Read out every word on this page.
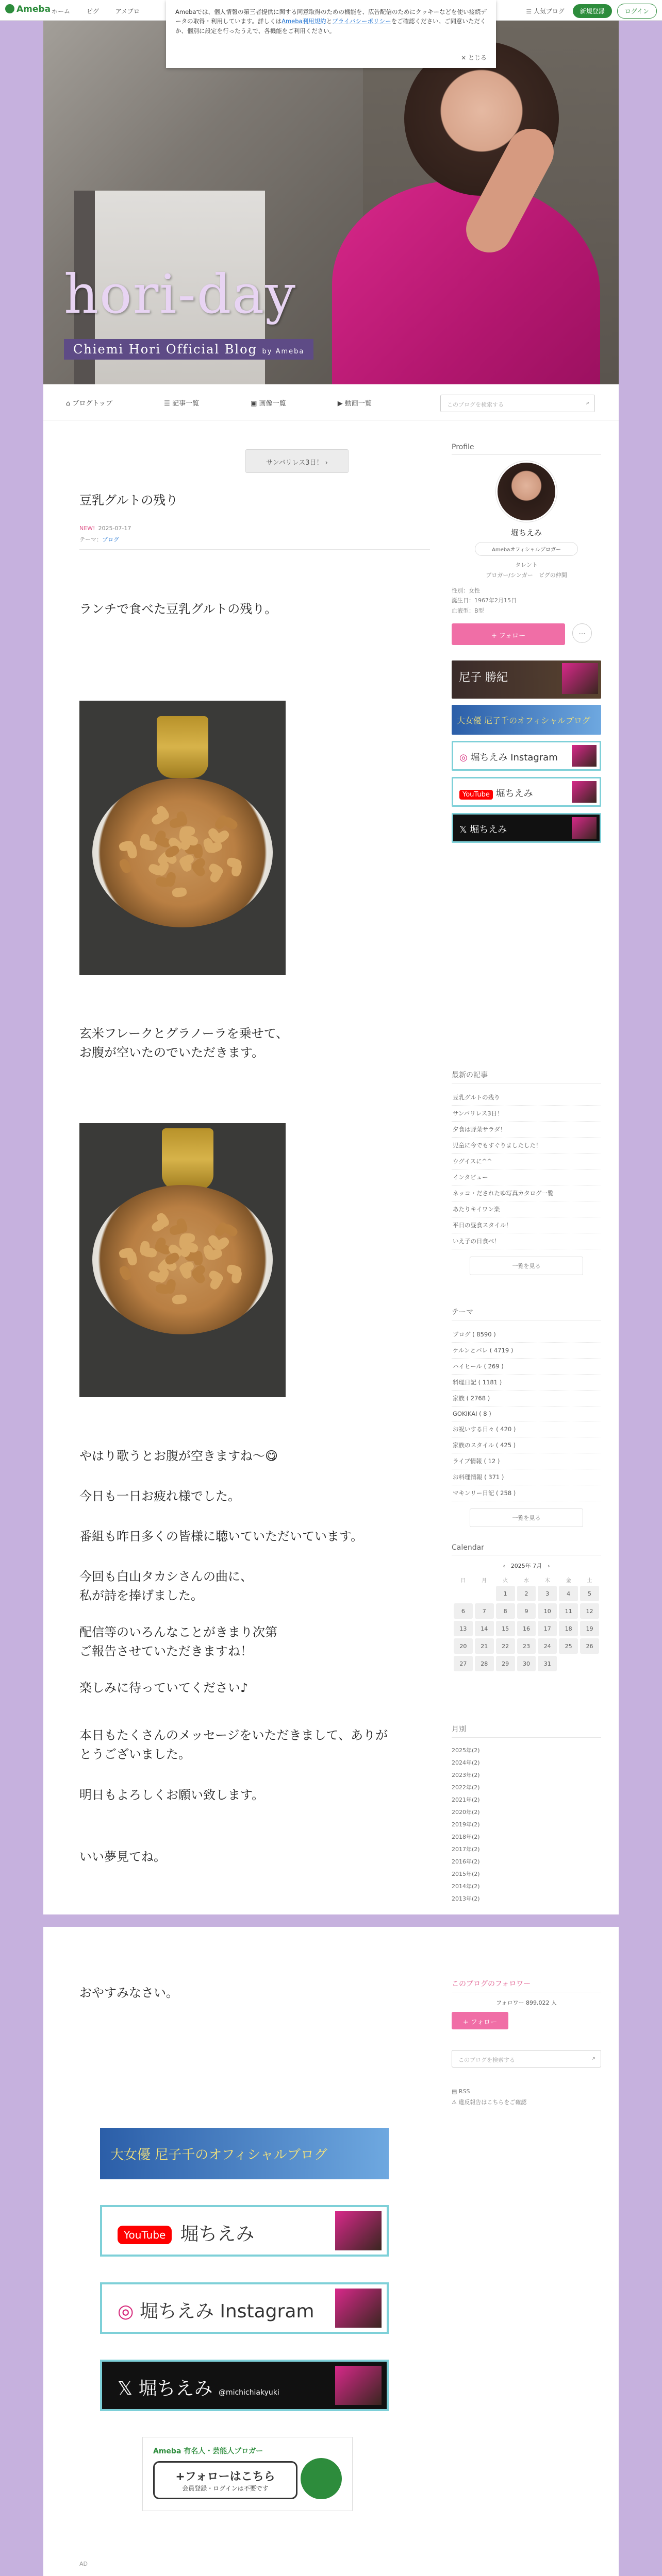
Ameba ホーム	ピグ	アメブロ	☰ 人気ブログ 新規登録	ログイン
hori-day
Chiemi Hori Official Blog by Ameba
Amebaでは、個人情報の第三者提供に関する同意取得のための機能を、広告配信のためにクッキーなどを使い接続データの取得・利用しています。詳しくはAmeba利用規約とプライバシーポリシーをご確認ください。ご同意いただくか、個別に設定を行ったうえで、各機能をご利用ください。
× とじる
⌂ ブログトップ	☰ 記事一覧	▣ 画像一覧	▶ 動画一覧	このブログを検索する	⌕
サンバリレス3日！ ›
豆乳グルトの残り
NEW! 2025-07-17
テーマ：ブログ
ランチで食べた豆乳グルトの残り。
玄米フレークとグラノーラを乗せて、
お腹が空いたのでいただきます。
やはり歌うとお腹が空きますね〜😋
今日も一日お疲れ様でした。
番組も昨日多くの皆様に聴いていただいています。
今回も白山タカシさんの曲に、
私が詩を捧げました。
配信等のいろんなことがきまり次第
ご報告させていただきますね！
楽しみに待っていてください♪
本日もたくさんのメッセージをいただきまして、ありが
とうございました。
明日もよろしくお願い致します。
いい夢見てね。
Profile
堀ちえみ
Amebaオフィシャルブロガー
タレント
ブロガー/シンガー　ピグの仲間
性別：女性
誕生日：1967年2月15日
血液型：B型
+ フォロー	…
尼子 勝紀
大女優 尼子千のオフィシャルブログ
◎ 堀ちえみ Instagram
YouTube 堀ちえみ
𝕏 堀ちえみ
最新の記事
豆乳グルトの残り
サンバリレス3日！
夕食は野菜サラダ！
児童に今でもすぐりましたした！
ウグイスに^^
インタビュー
ネッコ・だされたゆ写真カタログ一覧
あたりキイワン楽
平日の昼食スタイル！
いえ子の日食べ！
一覧を見る
テーマ
ブログ ( 8590 )
ケルンとバレ ( 4719 )
ハイヒール ( 269 )
料理日記 ( 1181 )
家族 ( 2768 )
GOKIKAI ( 8 )
お祝いする日々 ( 420 )
家族のスタイル ( 425 )
ライブ情報 ( 12 )
お料理情報 ( 371 )
マキンリー日記 ( 258 )
一覧を見る
Calendar
‹　 2025年 7月　 ›
日	月	火	水	木	金	土
		1	2	3	4	5
6	7	8	9	10	11	12
13	14	15	16	17	18	19
20	21	22	23	24	25	26
27	28	29	30	31		
月別
2025年(2)
2024年(2)
2023年(2)
2022年(2)
2021年(2)
2020年(2)
2019年(2)
2018年(2)
2017年(2)
2016年(2)
2015年(2)
2014年(2)
2013年(2)
おやすみなさい。
大女優 尼子千のオフィシャルブログ
YouTube 堀ちえみ
◎ 堀ちえみ Instagram
𝕏 堀ちえみ @michichiakyuki
Ameba 有名人・芸能人ブロガー
+フォローはこちら
会員登録・ログインは不要です
AD

このブログのフォロワー
フォロワー 899,022 人
+ フォロー
このブログを検索する	⌕
▤ RSS
⚠ 違反報告はこちらをご確認
